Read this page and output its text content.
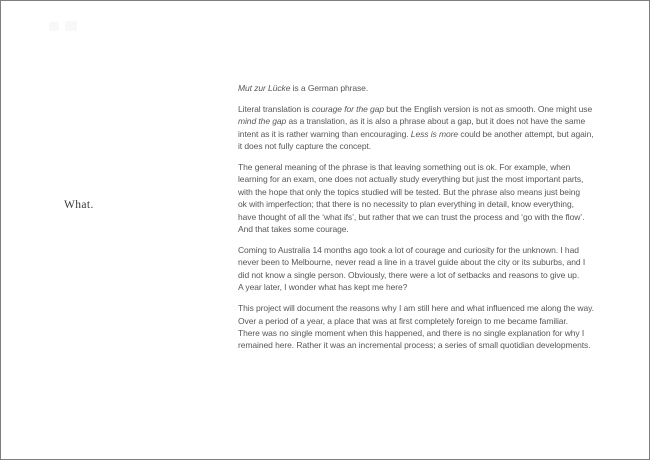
What.

Mut zur Lücke is a German phrase.

Literal translation is courage for the gap but the English version is not as smooth. One might use
mind the gap as a translation, as it is also a phrase about a gap, but it does not have the same
intent as it is rather warning than encouraging. Less is more could be another attempt, but again,
it does not fully capture the concept.

The general meaning of the phrase is that leaving something out is ok. For example, when
learning for an exam, one does not actually study everything but just the most important parts,
with the hope that only the topics studied will be tested. But the phrase also means just being
ok with imperfection; that there is no necessity to plan everything in detail, know everything,
have thought of all the ‘what ifs’, but rather that we can trust the process and ‘go with the flow’.
And that takes some courage.

Coming to Australia 14 months ago took a lot of courage and curiosity for the unknown. I had
never been to Melbourne, never read a line in a travel guide about the city or its suburbs, and I
did not know a single person. Obviously, there were a lot of setbacks and reasons to give up.
A year later, I wonder what has kept me here?

This project will document the reasons why I am still here and what influenced me along the way.
Over a period of a year, a place that was at first completely foreign to me became familiar.
There was no single moment when this happened, and there is no single explanation for why I
remained here. Rather it was an incremental process; a series of small quotidian developments.
